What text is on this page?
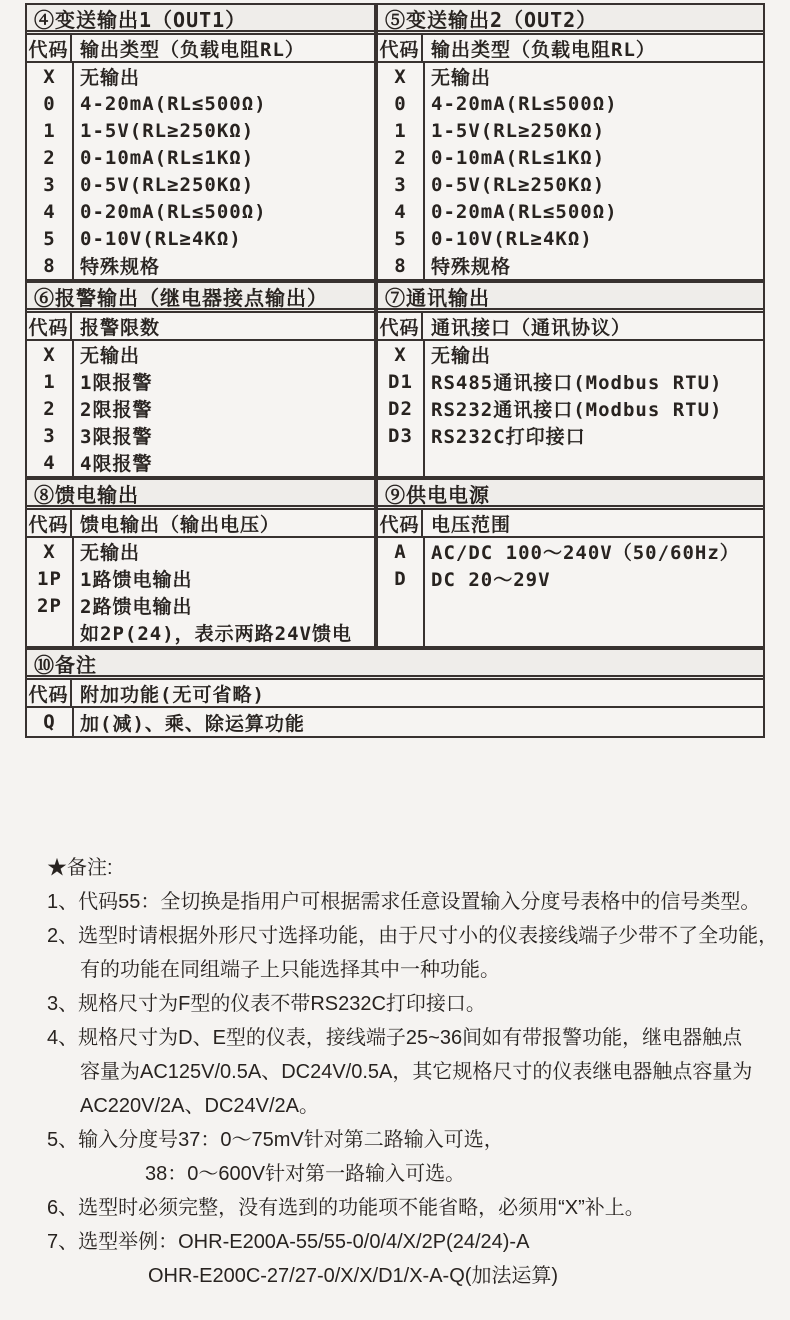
④变送输出1（OUT1）
代码 输出类型（负载电阻RL）
X	无输出
0	4-20mA(RL≤500Ω)
1	1-5V(RL≥250KΩ)
2	0-10mA(RL≤1KΩ)
3	0-5V(RL≥250KΩ)
4	0-20mA(RL≤500Ω)
5	0-10V(RL≥4KΩ)
8	特殊规格
⑤变送输出2（OUT2）
代码 输出类型（负载电阻RL）
X	无输出
0	4-20mA(RL≤500Ω)
1	1-5V(RL≥250KΩ)
2	0-10mA(RL≤1KΩ)
3	0-5V(RL≥250KΩ)
4	0-20mA(RL≤500Ω)
5	0-10V(RL≥4KΩ)
8	特殊规格
⑥报警输出（继电器接点输出）
代码 报警限数
X	无输出
1	1限报警
2	2限报警
3	3限报警
4	4限报警
⑦通讯输出
代码 通讯接口（通讯协议）
X	无输出
D1 RS485通讯接口(Modbus RTU)
D2 RS232通讯接口(Modbus RTU)
D3 RS232C打印接口
⑧馈电输出
代码 馈电输出（输出电压）
X	无输出
1P 1路馈电输出
2P 2路馈电输出
如2P(24)，表示两路24V馈电
⑨供电电源
代码 电压范围
A	AC/DC 100～240V（50/60Hz）
D	DC 20～29V
⑩备注
代码 附加功能(无可省略)
Q	加(减)、乘、除运算功能
★备注:
1、代码55：全切换是指用户可根据需求任意设置输入分度号表格中的信号类型。
2、选型时请根据外形尺寸选择功能，由于尺寸小的仪表接线端子少带不了全功能，
有的功能在同组端子上只能选择其中一种功能。
3、规格尺寸为F型的仪表不带RS232C打印接口。
4、规格尺寸为D、E型的仪表，接线端子25~36间如有带报警功能，继电器触点
容量为AC125V/0.5A、DC24V/0.5A，其它规格尺寸的仪表继电器触点容量为
AC220V/2A、DC24V/2A。
5、输入分度号37：0～75mV针对第二路输入可选，
38：0～600V针对第一路输入可选。
6、选型时必须完整，没有选到的功能项不能省略，必须用“X”补上。
7、选型举例：OHR-E200A-55/55-0/0/4/X/2P(24/24)-A
OHR-E200C-27/27-0/X/X/D1/X-A-Q(加法运算)
